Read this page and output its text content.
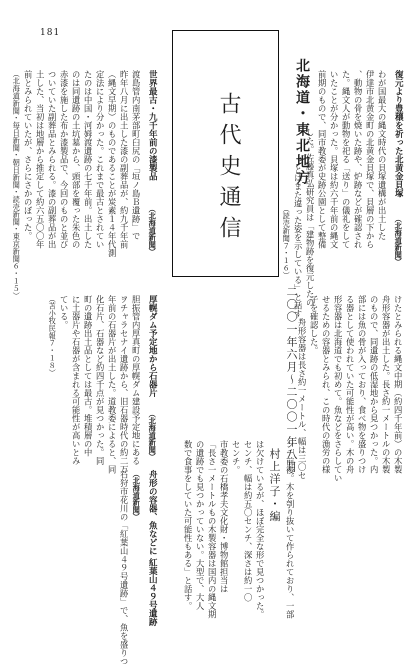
181
世界最古・九千年前の漆製品
（北海道新聞）
渡島管内南茅部町臼尻の「垣ノ島Ｂ遺跡」で
昨年八月に出土した漆の副葬品が、約九千年前
（縄文早期）のものであることが炭素１４年代測
定法により分かった。これまで最古とされてい
たのは中国・河姆渡遺跡の七千年前。出土した
のは同遺跡の土坑墓から、頭部を覆った朱色の
赤漆を施した布か漆製品で、今回のものと並び
ついていた副葬品とみられる。漆の副葬品が出
土した、当初は地層から推定して約六五〇〇年
前とみられていたが、さらにさかのぼった。
（北海道新聞・毎日新聞・朝日新聞・読売新聞・東京新聞６・１５）
厚幌ダム予定地から石器片
（北海道新聞）
胆振管内厚真町の厚幌ダム建設予定地にある
ヲチャラセナイ遺跡から、旧石器時代の約二万
年前の石器片が出土した。道教委によると、同
化石片、石器など約四千点が見つかった。同
町の遺跡出土品としては最古。堆積層の中
に土器片や石器が含まれる可能性が高いとみ
ている。
（苫小牧民報７・１８）
舟形の容器、魚などに 紅葉山４９号遺跡
（北海道新聞）
石狩市花川の「紅葉山４９号遺跡」で、魚を盛りつ
古代史通信
二〇〇一年六月～二〇〇一年八月
村上洋子・編
北海道・東北地方	復元より豊穣を祈った北黄金貝塚
（北海道新聞）
わが国最大の縄文時代の貝塚遺構が出土した
伊達市北黄金町の北黄金貝塚で、貝層の下から
、動物の骨を焼いた跡や、炉跡などが確認され
た。縄文人が動物を祀る「送り」の儀礼をして
いたことが分かった。貝塚は約六千年前の縄文
前期のもので、同市教委が史跡公園として整備
した。佐藤真弘研究員は「建物跡を復元したの
とはまた違った姿を示している」と話す。
（読売新聞７・１６）
けたとみられる縄文中期（約四千年前）の木製
舟形容器が出土した。長さ約一メートルの木製
のもので、同遺跡の低湿地から見つかった。内
部には魚の骨が入っており、食べ物を盛りつけ
る器として使われていた可能性が高い。木の舟
形容器は北海道でも初めて。魚などをさらしてい
せるための容器とみられ、この時代の漁労の様
子を確認した。
舟形容器は長さ約一メートル、幅は三〇セ
ンチ前後。木を刳り抜いて作られており、一部
は欠けているが、ほぼ完全な形で見つかった。
センチ、幅は約五〇センチ、深さは約一〇
センチ。
市教委の石橋孝夫文化財・博物館担当は
「長さ一メートルもの木製容器は国内の縄文期
の遺跡でも見つかっていない。大型で、大人
数で食事をしていた可能性もある」と話す。
